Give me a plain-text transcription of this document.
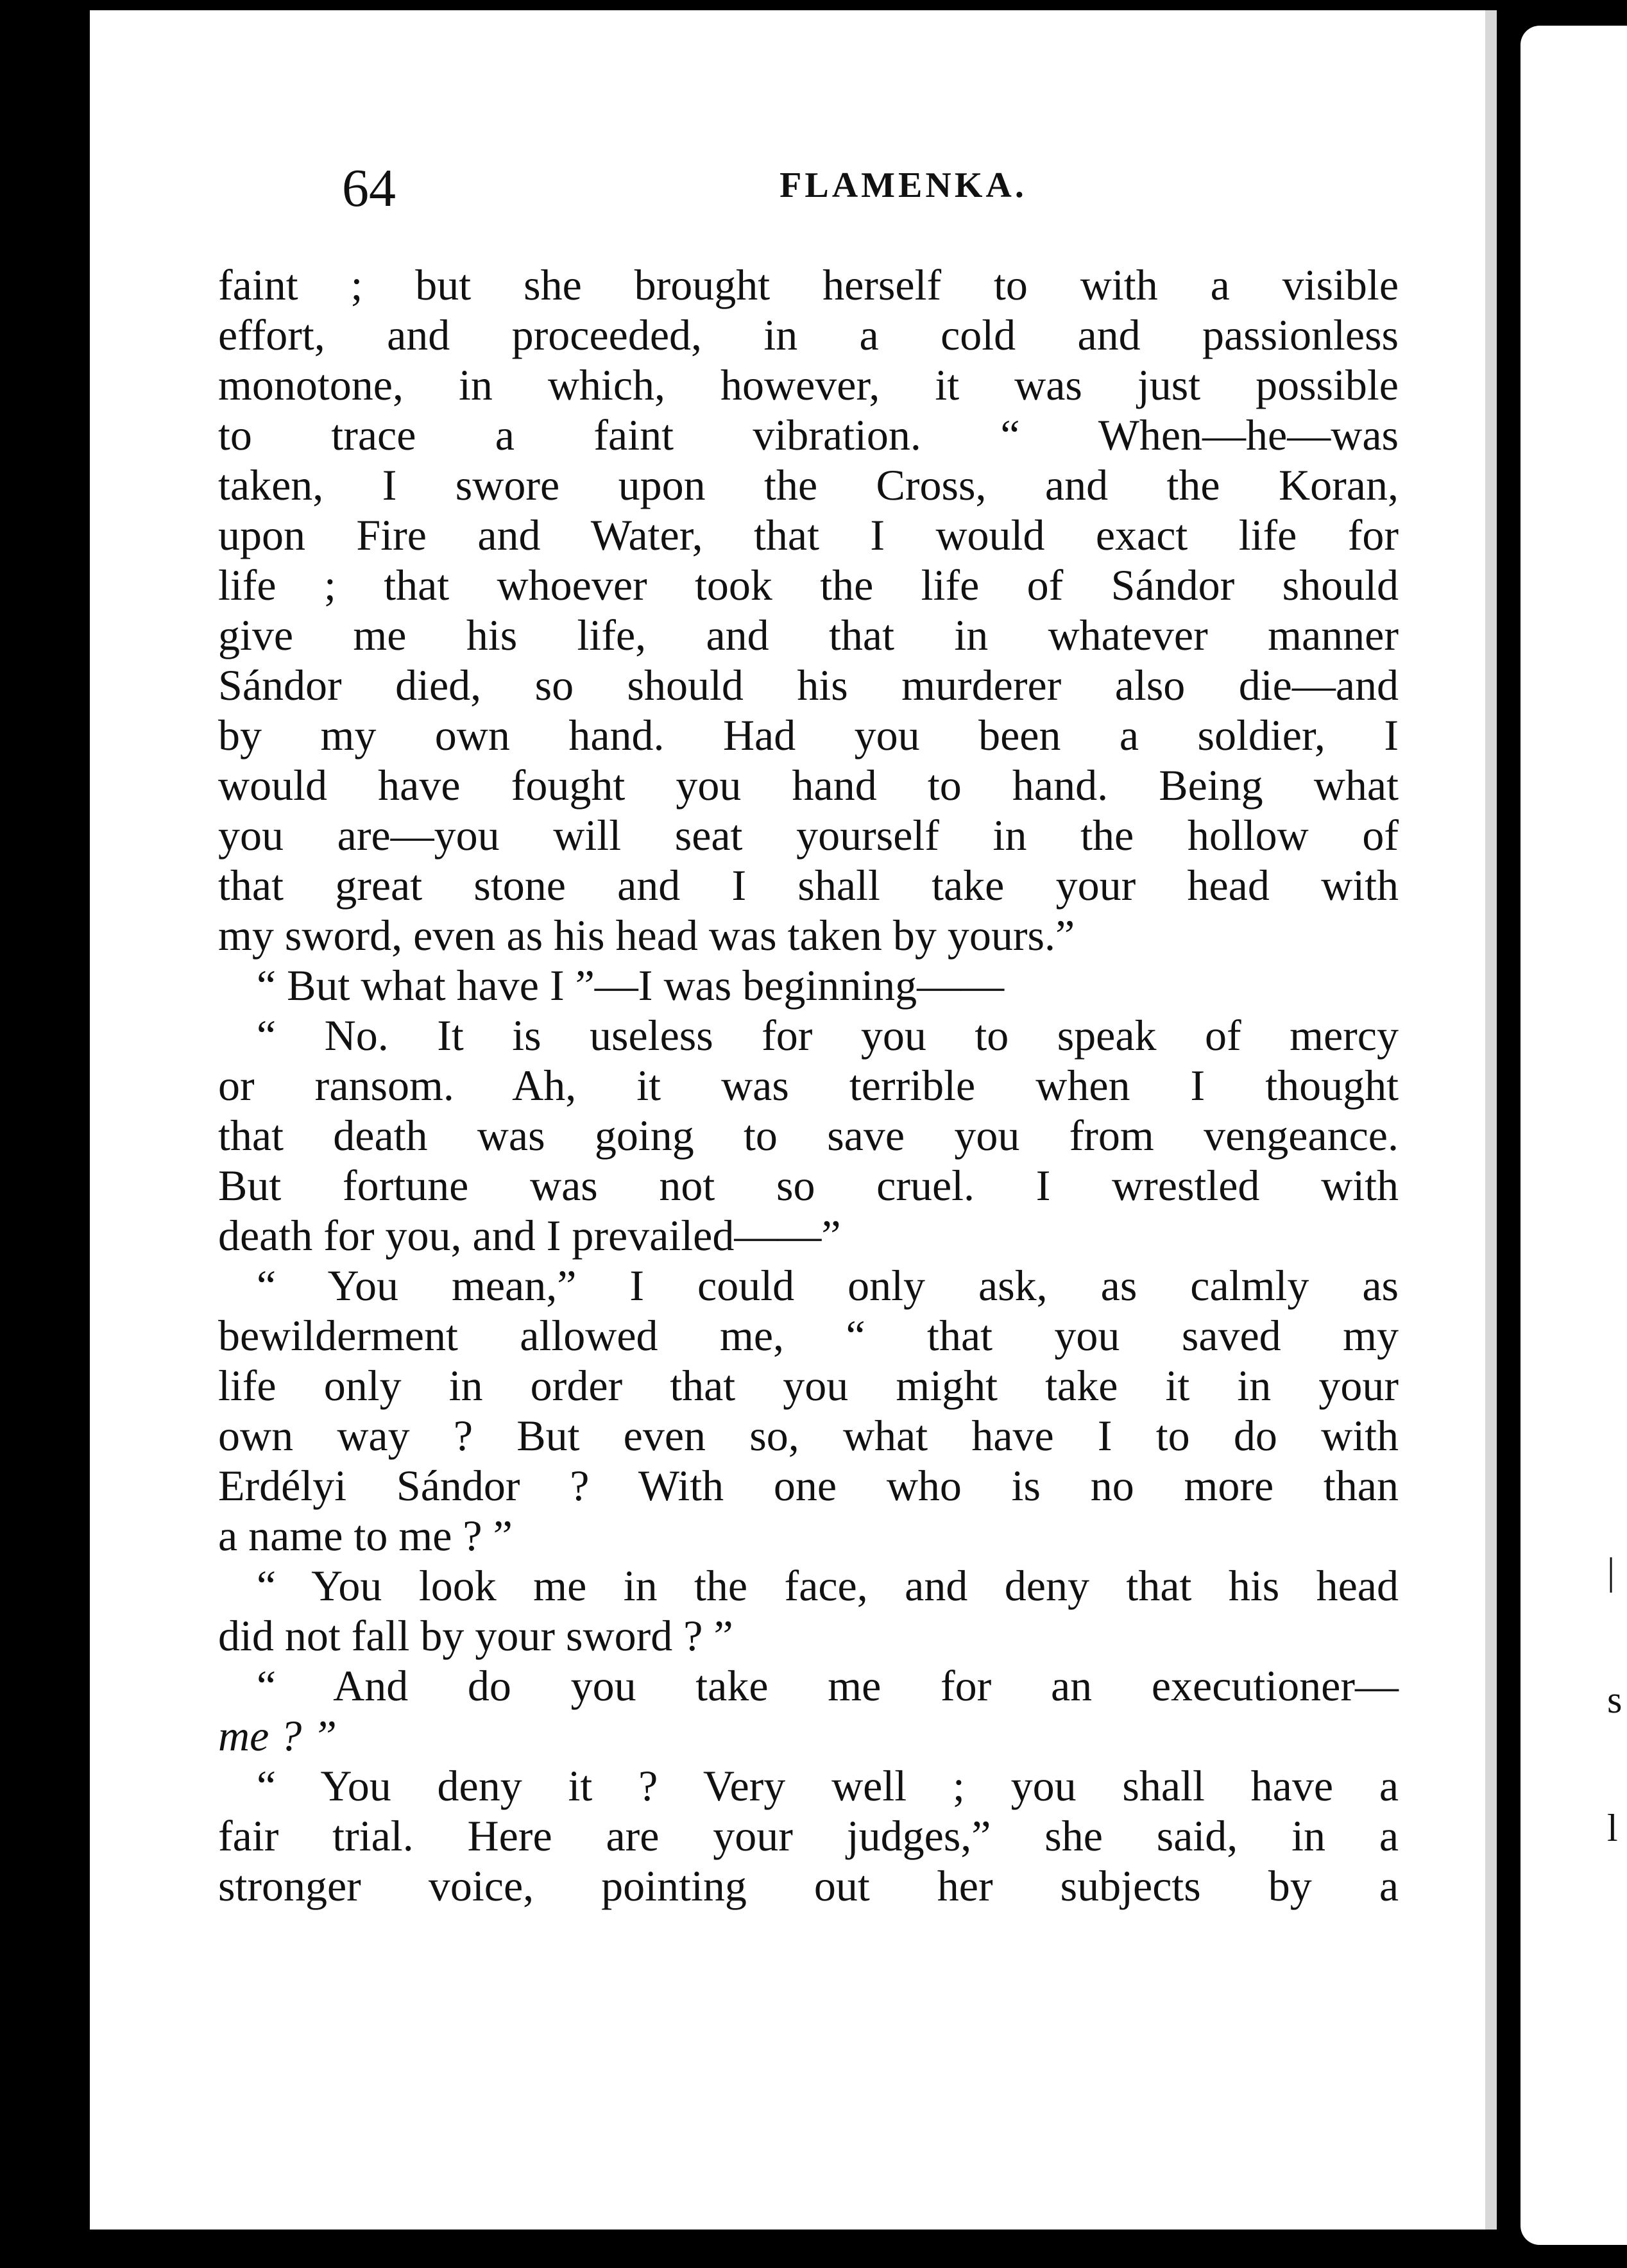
|
s
l
64	FLAMENKA.

faint ; but she brought herself to with a visible

effort, and proceeded, in a cold and passionless

monotone, in which, however, it was just possible

to trace a faint vibration. “ When—he—was

taken, I swore upon the Cross, and the Koran,

upon Fire and Water, that I would exact life for

life ; that whoever took the life of Sándor should

give me his life, and that in whatever manner

Sándor died, so should his murderer also die—and

by my own hand. Had you been a soldier, I

would have fought you hand to hand. Being what

you are—you will seat yourself in the hollow of

that great stone and I shall take your head with

my sword, even as his head was taken by yours.”

“ But what have I ”—I was beginning——

“ No. It is useless for you to speak of mercy

or ransom. Ah, it was terrible when I thought

that death was going to save you from vengeance.

But fortune was not so cruel. I wrestled with

death for you, and I prevailed——”

“ You mean,” I could only ask, as calmly as

bewilderment allowed me, “ that you saved my

life only in order that you might take it in your

own way ? But even so, what have I to do with

Erdélyi Sándor ? With one who is no more than

a name to me ? ”

“ You look me in the face, and deny that his head

did not fall by your sword ? ”

“ And do you take me for an executioner—

me ? ”

“ You deny it ? Very well ; you shall have a

fair trial. Here are your judges,” she said, in a

stronger voice, pointing out her subjects by a
